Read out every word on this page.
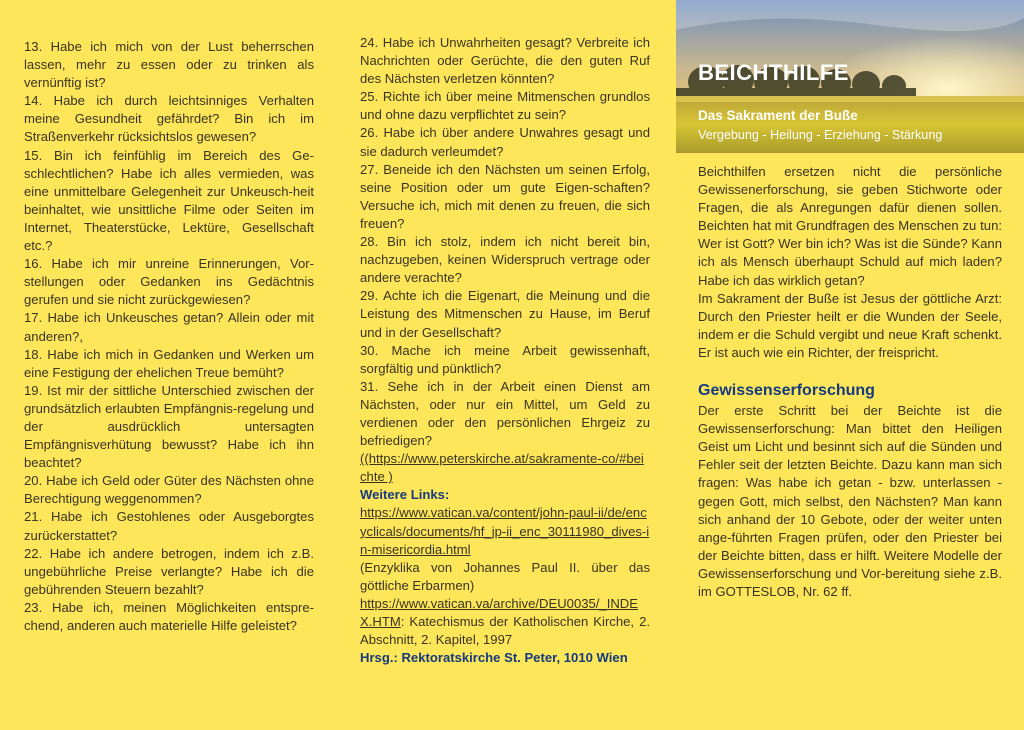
13. Habe ich mich von der Lust beherrschen lassen, mehr zu essen oder zu trinken als vernünftig ist?

14. Habe ich durch leichtsinniges Verhalten meine Gesundheit gefährdet? Bin ich im Straßenverkehr rücksichtslos gewesen?

15. Bin ich feinfühlig im Bereich des Ge-schlechtlichen? Habe ich alles vermieden, was eine unmittelbare Gelegenheit zur Unkeusch-heit beinhaltet, wie unsittliche Filme oder Seiten im Internet, Theaterstücke, Lektüre, Gesellschaft etc.?

16. Habe ich mir unreine Erinnerungen, Vor-stellungen oder Gedanken ins Gedächtnis gerufen und sie nicht zurückgewiesen?

17. Habe ich Unkeusches getan? Allein oder mit anderen?,

18. Habe ich mich in Gedanken und Werken um eine Festigung der ehelichen Treue bemüht?

19. Ist mir der sittliche Unterschied zwischen der grundsätzlich erlaubten Empfängnis-regelung und der ausdrücklich untersagten Empfängnisverhütung bewusst? Habe ich ihn beachtet?

20. Habe ich Geld oder Güter des Nächsten ohne Berechtigung weggenommen?

21. Habe ich Gestohlenes oder Ausgeborgtes zurückerstattet?

22. Habe ich andere betrogen, indem ich z.B. ungebührliche Preise verlangte? Habe ich die gebührenden Steuern bezahlt?

23. Habe ich, meinen Möglichkeiten entspre-chend, anderen auch materielle Hilfe geleistet?

24. Habe ich Unwahrheiten gesagt? Verbreite ich Nachrichten oder Gerüchte, die den guten Ruf des Nächsten verletzen könnten?

25. Richte ich über meine Mitmenschen grundlos und ohne dazu verpflichtet zu sein?

26. Habe ich über andere Unwahres gesagt und sie dadurch verleumdet?

27. Beneide ich den Nächsten um seinen Erfolg, seine Position oder um gute Eigen-schaften? Versuche ich, mich mit denen zu freuen, die sich freuen?

28. Bin ich stolz, indem ich nicht bereit bin, nachzugeben, keinen Widerspruch vertrage oder andere verachte?

29. Achte ich die Eigenart, die Meinung und die Leistung des Mitmenschen zu Hause, im Beruf und in der Gesellschaft?

30. Mache ich meine Arbeit gewissenhaft, sorgfältig und pünktlich?

31. Sehe ich in der Arbeit einen Dienst am Nächsten, oder nur ein Mittel, um Geld zu verdienen oder den persönlichen Ehrgeiz zu befriedigen?

((https://www.peterskirche.at/sakramente-co/#beichte )

Weitere Links:

https://www.vatican.va/content/john-paul-ii/de/encyclicals/documents/hf_jp-ii_enc_30111980_dives-in-misericordia.html

(Enzyklika von Johannes Paul II. über das göttliche Erbarmen)

https://www.vatican.va/archive/DEU0035/_INDEX.HTM: Katechismus der Katholischen Kirche, 2. Abschnitt, 2. Kapitel, 1997

Hrsg.: Rektoratskirche St. Peter, 1010 Wien

BEICHTHILFE
Das Sakrament der Buße
Vergebung - Heilung - Erziehung - Stärkung

Beichthilfen ersetzen nicht die persönliche Gewissenerforschung, sie geben Stichworte oder Fragen, die als Anregungen dafür dienen sollen. Beichten hat mit Grundfragen des Menschen zu tun: Wer ist Gott? Wer bin ich? Was ist die Sünde? Kann ich als Mensch überhaupt Schuld auf mich laden? Habe ich das wirklich getan?

Im Sakrament der Buße ist Jesus der göttliche Arzt: Durch den Priester heilt er die Wunden der Seele, indem er die Schuld vergibt und neue Kraft schenkt. Er ist auch wie ein Richter, der freispricht.

Gewissenserforschung

Der erste Schritt bei der Beichte ist die Gewissenserforschung: Man bittet den Heiligen Geist um Licht und besinnt sich auf die Sünden und Fehler seit der letzten Beichte. Dazu kann man sich fragen: Was habe ich getan - bzw. unterlassen - gegen Gott, mich selbst, den Nächsten? Man kann sich anhand der 10 Gebote, oder der weiter unten ange-führten Fragen prüfen, oder den Priester bei der Beichte bitten, dass er hilft. Weitere Modelle der Gewissenserforschung und Vor-bereitung siehe z.B. im GOTTESLOB, Nr. 62 ff.
